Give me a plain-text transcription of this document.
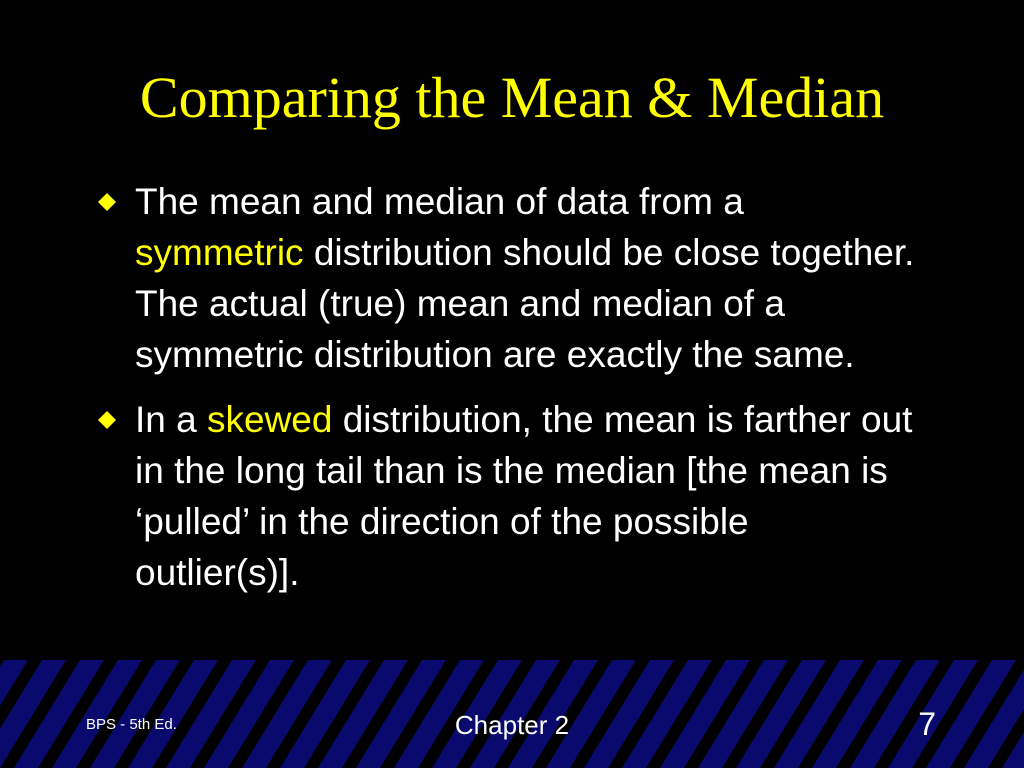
Comparing the Mean & Median
The mean and median of data from a symmetric distribution should be close together. The actual (true) mean and median of a symmetric distribution are exactly the same.
In a skewed distribution, the mean is farther out in the long tail than is the median [the mean is ‘pulled’ in the direction of the possible outlier(s)].
BPS - 5th Ed.	Chapter 2	7
